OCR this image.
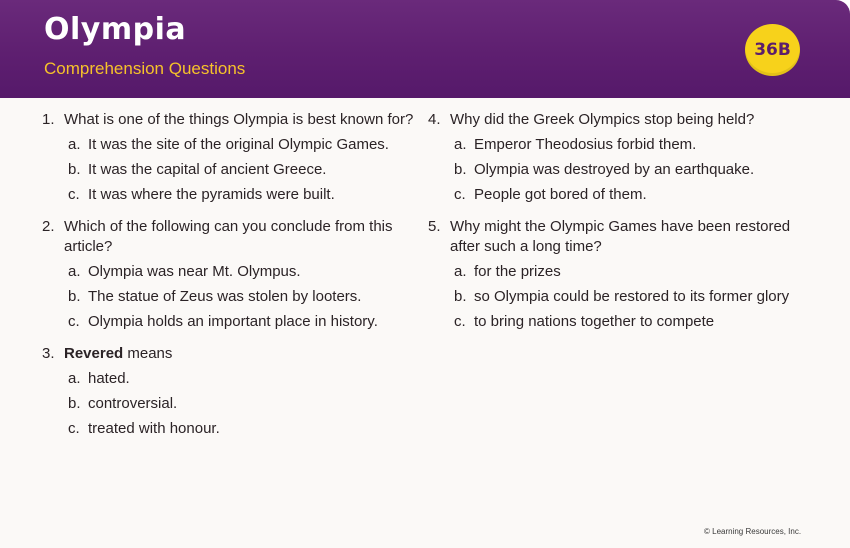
Olympia
Comprehension Questions
36B
1. What is one of the things Olympia is best known for?
a. It was the site of the original Olympic Games.
b. It was the capital of ancient Greece.
c. It was where the pyramids were built.
2. Which of the following can you conclude from this article?
a. Olympia was near Mt. Olympus.
b. The statue of Zeus was stolen by looters.
c. Olympia holds an important place in history.
3. Revered means
a. hated.
b. controversial.
c. treated with honour.
4. Why did the Greek Olympics stop being held?
a. Emperor Theodosius forbid them.
b. Olympia was destroyed by an earthquake.
c. People got bored of them.
5. Why might the Olympic Games have been restored after such a long time?
a. for the prizes
b. so Olympia could be restored to its former glory
c. to bring nations together to compete
© Learning Resources, Inc.
